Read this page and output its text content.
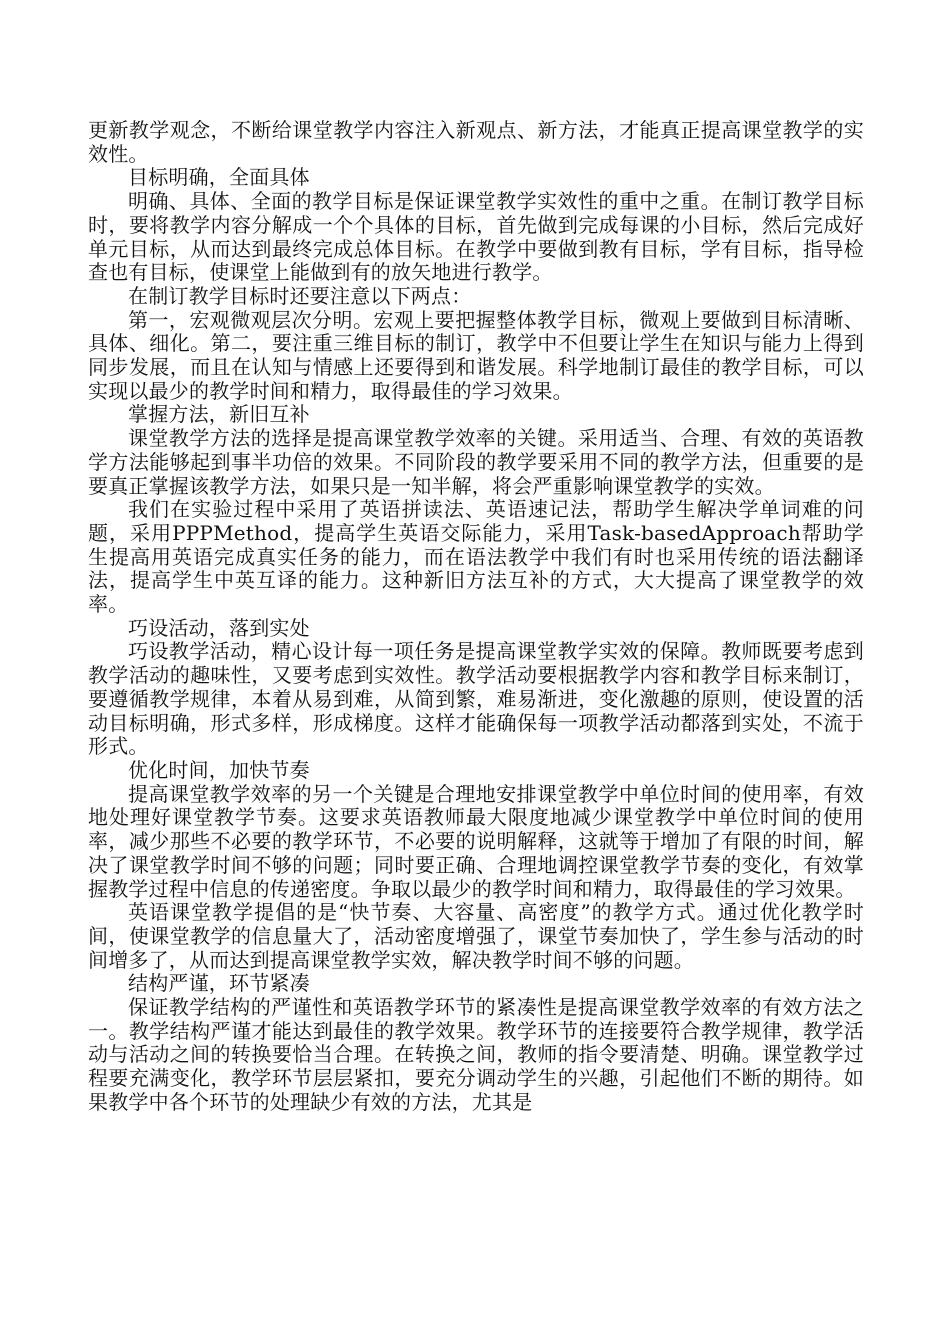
更新教学观念，不断给课堂教学内容注入新观点、新方法，才能真正提高课堂教学的实效性。

目标明确，全面具体

明确、具体、全面的教学目标是保证课堂教学实效性的重中之重。在制订教学目标时，要将教学内容分解成一个个具体的目标，首先做到完成每课的小目标，然后完成好单元目标，从而达到最终完成总体目标。在教学中要做到教有目标，学有目标，指导检查也有目标，使课堂上能做到有的放矢地进行教学。

在制订教学目标时还要注意以下两点：

第一，宏观微观层次分明。宏观上要把握整体教学目标，微观上要做到目标清晰、具体、细化。第二，要注重三维目标的制订，教学中不但要让学生在知识与能力上得到同步发展，而且在认知与情感上还要得到和谐发展。科学地制订最佳的教学目标，可以实现以最少的教学时间和精力，取得最佳的学习效果。

掌握方法，新旧互补

课堂教学方法的选择是提高课堂教学效率的关键。采用适当、合理、有效的英语教学方法能够起到事半功倍的效果。不同阶段的教学要采用不同的教学方法，但重要的是要真正掌握该教学方法，如果只是一知半解，将会严重影响课堂教学的实效。

我们在实验过程中采用了英语拼读法、英语速记法，帮助学生解决学单词难的问题，采用PPPMethod，提高学生英语交际能力，采用Task-basedApproach帮助学生提高用英语完成真实任务的能力，而在语法教学中我们有时也采用传统的语法翻译法，提高学生中英互译的能力。这种新旧方法互补的方式，大大提高了课堂教学的效率。

巧设活动，落到实处

巧设教学活动，精心设计每一项任务是提高课堂教学实效的保障。教师既要考虑到教学活动的趣味性，又要考虑到实效性。教学活动要根据教学内容和教学目标来制订，要遵循教学规律，本着从易到难，从简到繁，难易渐进，变化激趣的原则，使设置的活动目标明确，形式多样，形成梯度。这样才能确保每一项教学活动都落到实处，不流于形式。

优化时间，加快节奏

提高课堂教学效率的另一个关键是合理地安排课堂教学中单位时间的使用率，有效地处理好课堂教学节奏。这要求英语教师最大限度地减少课堂教学中单位时间的使用率，减少那些不必要的教学环节，不必要的说明解释，这就等于增加了有限的时间，解决了课堂教学时间不够的问题；同时要正确、合理地调控课堂教学节奏的变化，有效掌握教学过程中信息的传递密度。争取以最少的教学时间和精力，取得最佳的学习效果。

英语课堂教学提倡的是“快节奏、大容量、高密度”的教学方式。通过优化教学时间，使课堂教学的信息量大了，活动密度增强了，课堂节奏加快了，学生参与活动的时间增多了，从而达到提高课堂教学实效，解决教学时间不够的问题。

结构严谨，环节紧凑

保证教学结构的严谨性和英语教学环节的紧凑性是提高课堂教学效率的有效方法之一。教学结构严谨才能达到最佳的教学效果。教学环节的连接要符合教学规律，教学活动与活动之间的转换要恰当合理。在转换之间，教师的指令要清楚、明确。课堂教学过程要充满变化，教学环节层层紧扣，要充分调动学生的兴趣，引起他们不断的期待。如果教学中各个环节的处理缺少有效的方法，尤其是
